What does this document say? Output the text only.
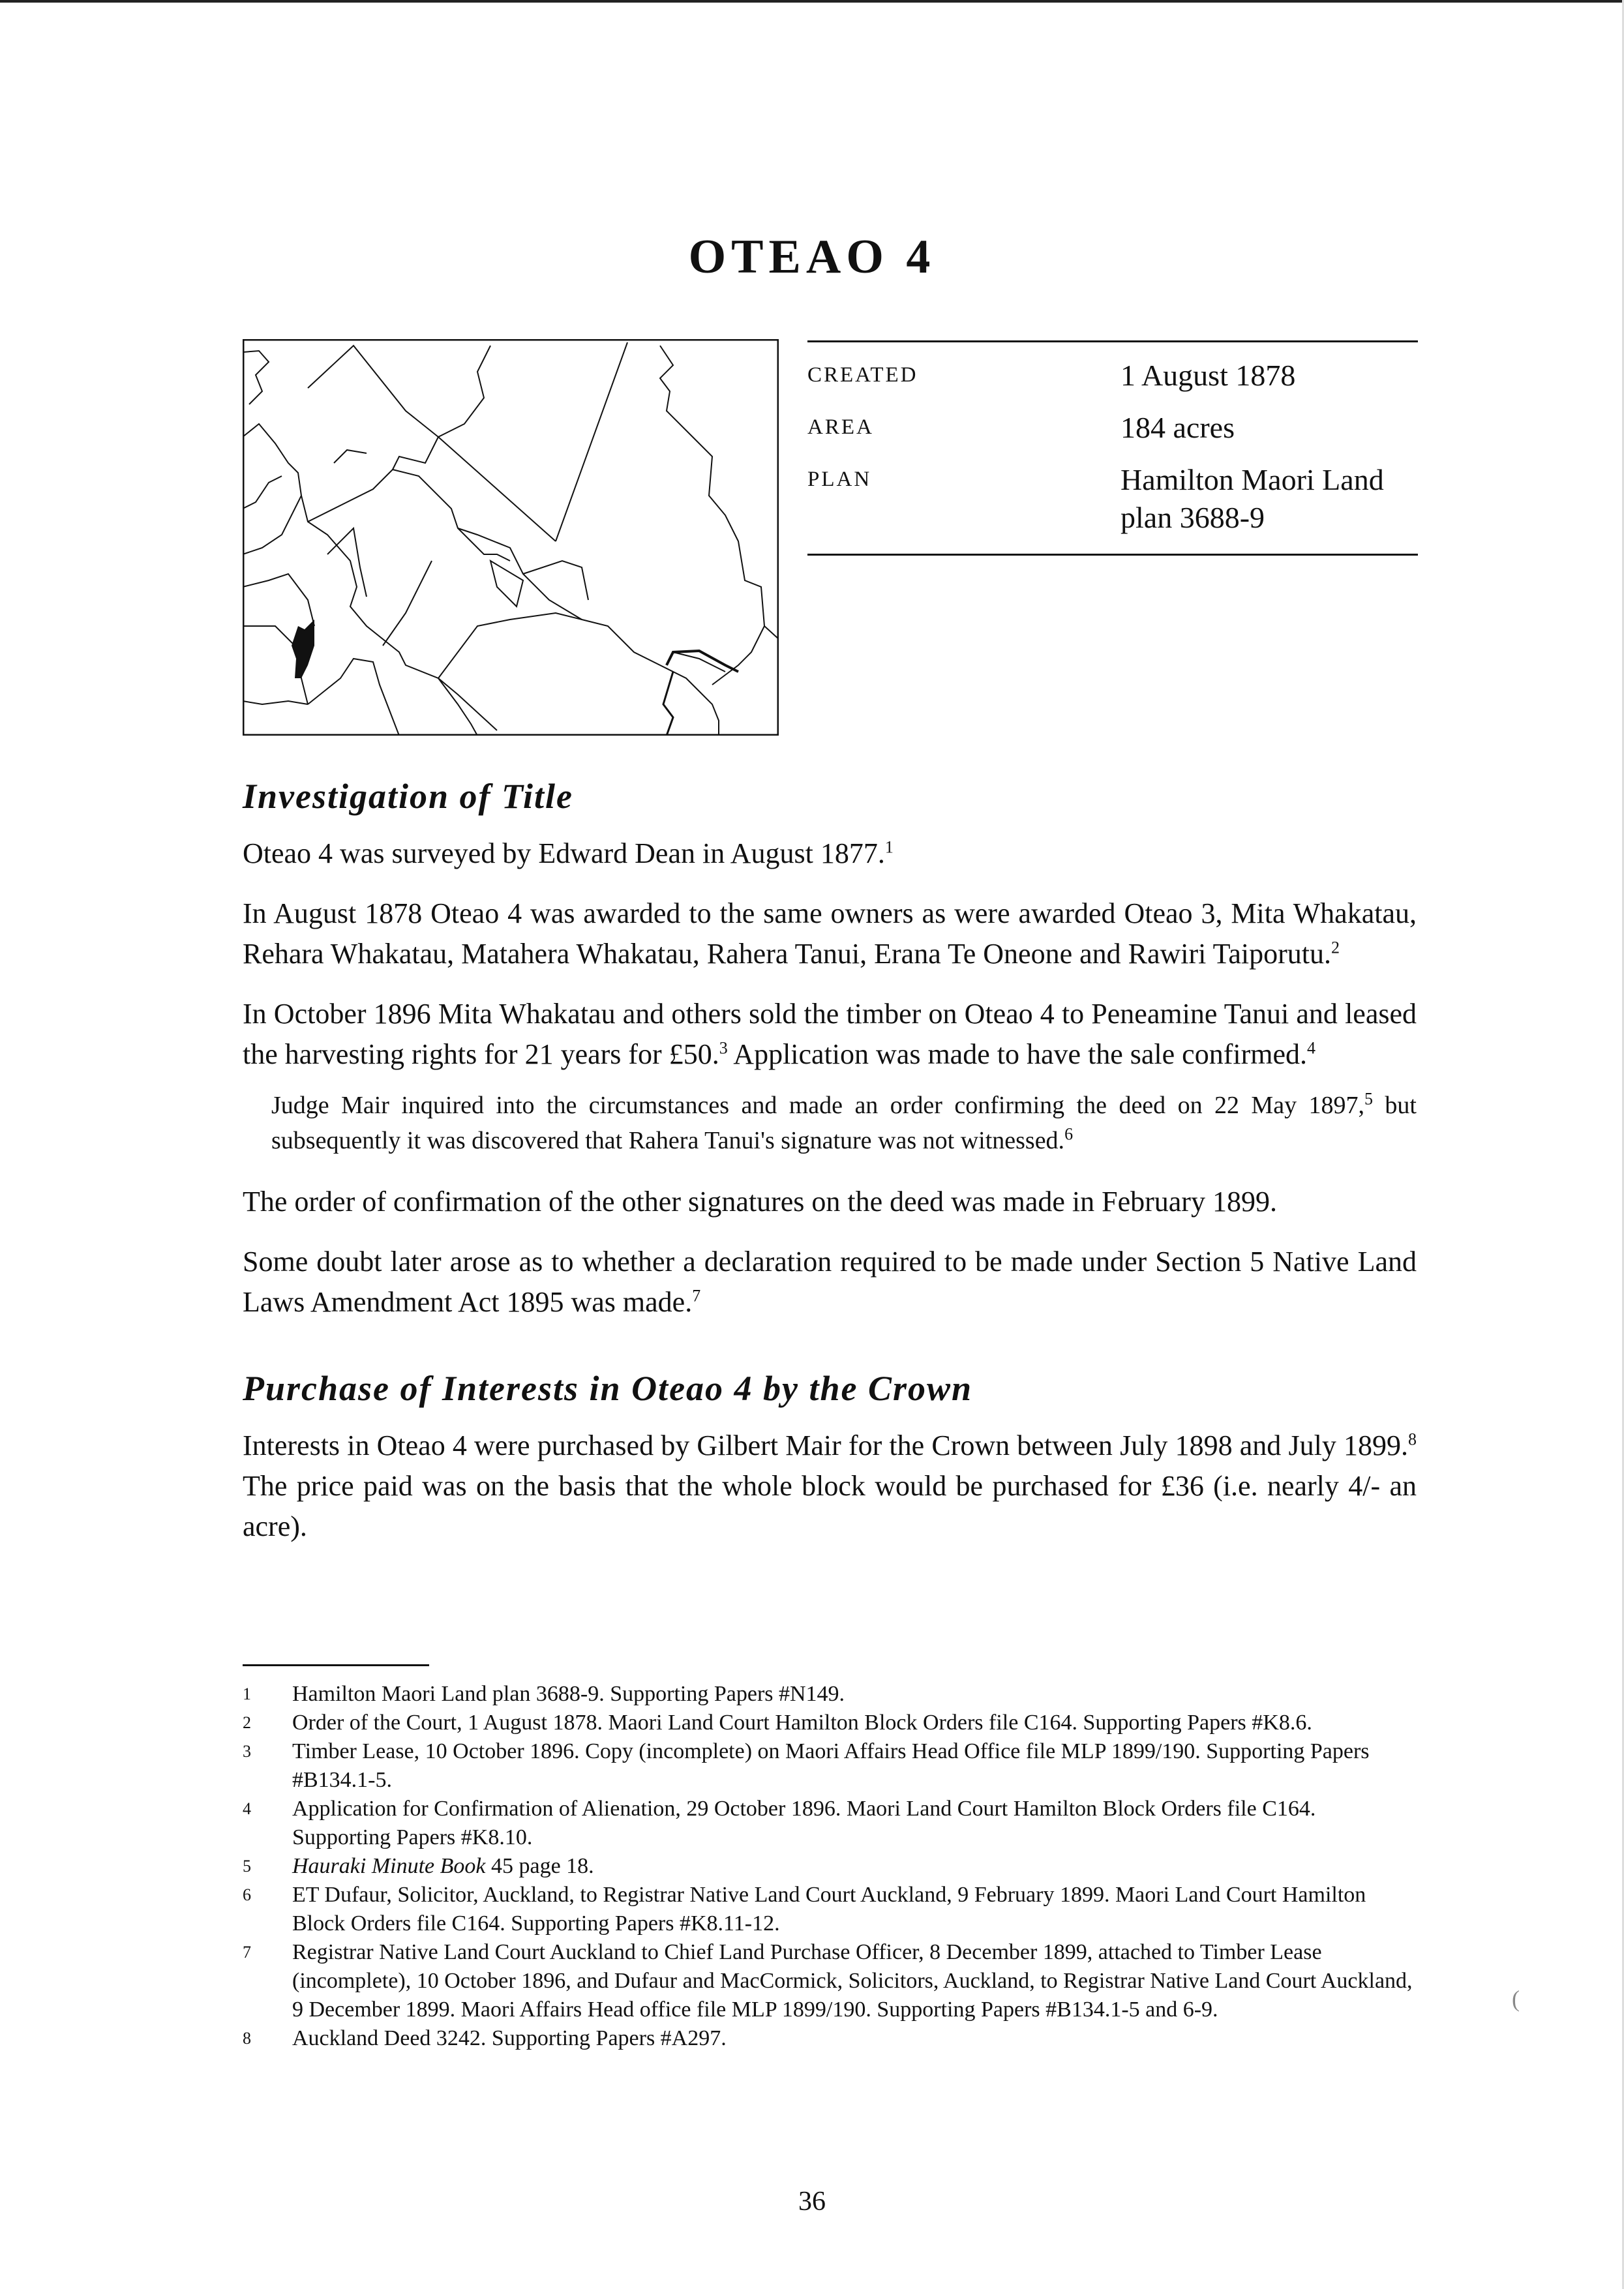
OTEAO 4
CREATED	1 August 1878
AREA	184 acres
PLAN	Hamilton Maori Land
plan 3688-9
Investigation of Title

Oteao 4 was surveyed by Edward Dean in August 1877.$^1$

In August 1878 Oteao 4 was awarded to the same owners as were awarded Oteao 3, Mita Whakatau, Rehara Whakatau, Matahera Whakatau, Rahera Tanui, Erana Te Oneone and Rawiri Taiporutu.$^2$

In October 1896 Mita Whakatau and others sold the timber on Oteao 4 to Peneamine Tanui and leased the harvesting rights for 21 years for £50.$^3$ Application was made to have the sale confirmed.$^4$

Judge Mair inquired into the circumstances and made an order confirming the deed on 22 May 1897,$^5$ but subsequently it was discovered that Rahera Tanui's signature was not witnessed.$^6$

The order of confirmation of the other signatures on the deed was made in February 1899.

Some doubt later arose as to whether a declaration required to be made under Section 5 Native Land Laws Amendment Act 1895 was made.$^7$

Purchase of Interests in Oteao 4 by the Crown

Interests in Oteao 4 were purchased by Gilbert Mair for the Crown between July 1898 and July 1899.$^8$ The price paid was on the basis that the whole block would be purchased for £36 (i.e. nearly 4/- an acre).

1	Hamilton Maori Land plan 3688-9. Supporting Papers #N149.
2	Order of the Court, 1 August 1878. Maori Land Court Hamilton Block Orders file C164. Supporting Papers #K8.6.
3	Timber Lease, 10 October 1896. Copy (incomplete) on Maori Affairs Head Office file MLP 1899/190. Supporting Papers #B134.1-5.
4	Application for Confirmation of Alienation, 29 October 1896. Maori Land Court Hamilton Block Orders file C164. Supporting Papers #K8.10.
5	Hauraki Minute Book 45 page 18.
6	ET Dufaur, Solicitor, Auckland, to Registrar Native Land Court Auckland, 9 February 1899. Maori Land Court Hamilton Block Orders file C164. Supporting Papers #K8.11-12.
7	Registrar Native Land Court Auckland to Chief Land Purchase Officer, 8 December 1899, attached to Timber Lease (incomplete), 10 October 1896, and Dufaur and MacCormick, Solicitors, Auckland, to Registrar Native Land Court Auckland, 9 December 1899. Maori Affairs Head office file MLP 1899/190. Supporting Papers #B134.1-5 and 6-9.
8	Auckland Deed 3242. Supporting Papers #A297.
(
36
